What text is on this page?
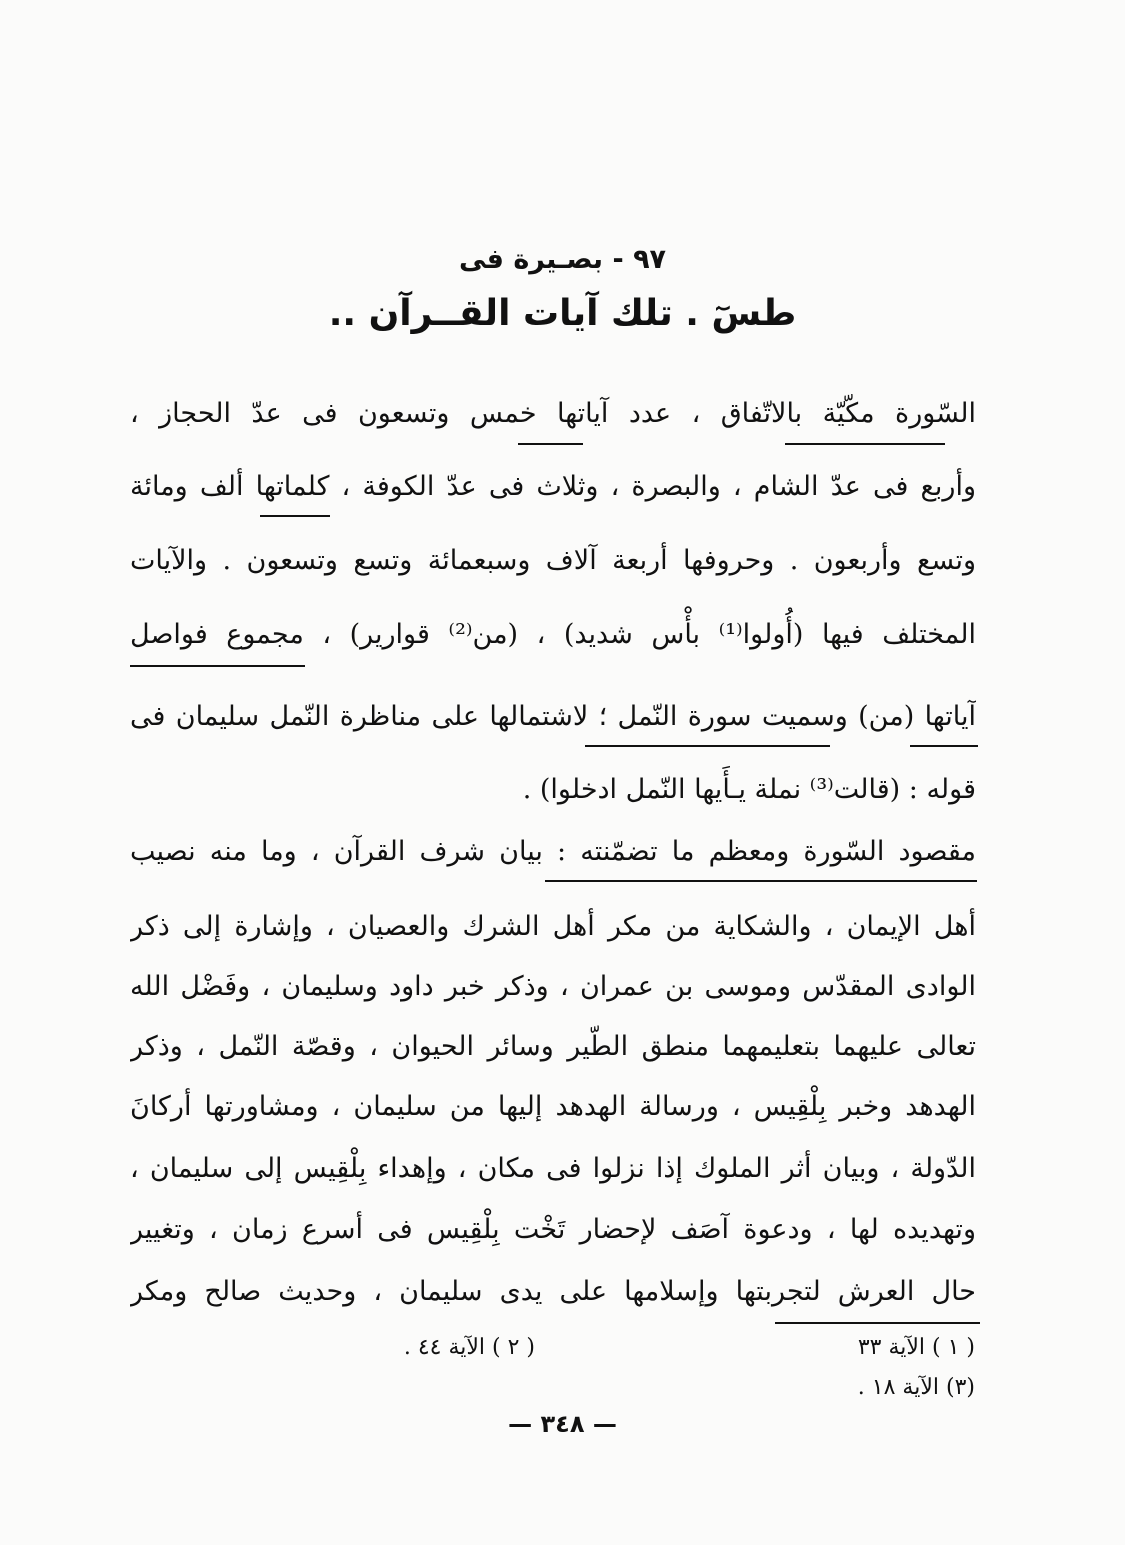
٩٧ - بصـيرة فى
طسٓ . تلك آيات القــرآن ..
السّورة مكّيّة بالاتّفاق ، عدد آياتها خمس وتسعون فى عدّ الحجاز ،
وأربع فى عدّ الشام ، والبصرة ، وثلاث فى عدّ الكوفة ، كلماتها ألف ومائة
وتسع وأربعون . وحروفها أربعة آلاف وسبعمائة وتسع وتسعون . والآيات
المختلف فيها (أُولوا⁽¹⁾ بأْس شديد) ، (من⁽²⁾ قوارير) ، مجموع فواصل
آياتها (من) وسميت سورة النّمل ؛ لاشتمالها على مناظرة النّمل سليمان فى
قوله : (قالت⁽³⁾ نملة يـأَيها النّمل ادخلوا) .
مقصود السّورة ومعظم ما تضمّنته : بيان شرف القرآن ، وما منه نصيب
أهل الإيمان ، والشكاية من مكر أهل الشرك والعصيان ، وإشارة إلى ذكر
الوادى المقدّس وموسى بن عمران ، وذكر خبر داود وسليمان ، وفَضْل الله
تعالى عليهما بتعليمهما منطق الطّير وسائر الحيوان ، وقصّة النّمل ، وذكر
الهدهد وخبر بِلْقِيس ، ورسالة الهدهد إليها من سليمان ، ومشاورتها أركانَ
الدّولة ، وبيان أثر الملوك إذا نزلوا فى مكان ، وإهداء بِلْقِيس إلى سليمان ،
وتهديده لها ، ودعوة آصَف لإحضار تَخْت بِلْقِيس فى أسرع زمان ، وتغيير
حال العرش لتجربتها وإسلامها على يدى سليمان ، وحديث صالح ومكر
( ١ ) الآية ٣٣
( ٢ ) الآية ٤٤ .
(٣) الآية ١٨ .
— ٣٤٨ —
